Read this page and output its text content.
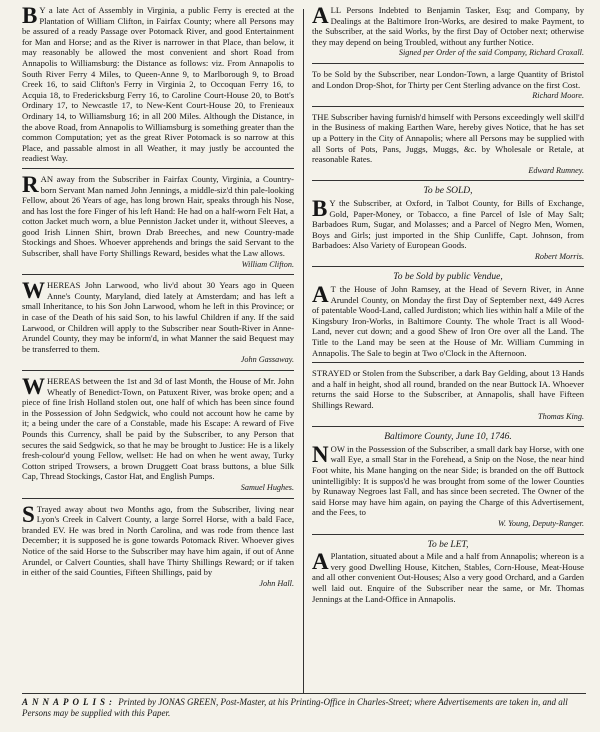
B Y a late Act of Assembly in Virginia, a public Ferry is erected at the Plantation of William Clifton, in Fairfax County; where all Persons may be assured of a ready Passage over Potomack River, and good Entertainment for Man and Horse; and as the River is narrower in that Place, than below, it may reasonably be allowed the most convenient and short Road from Annapolis to Williamsburg: the Distance as follows: viz. From Annapolis to South River Ferry 4 Miles, to Queen-Anne 9, to Marlborough 9, to Broad Creek 16, to said Clifton's Ferry in Virginia 2, to Occoquan Ferry 16, to Acquia 18, to Fredericksburg Ferry 16, to Caroline Court-House 20, to Bott's Ordinary 17, to Newcastle 17, to New-Kent Court-House 20, to Frenieaux Ordinary 14, to Williamsburg 16; in all 200 Miles. Although the Distance, in the above Road, from Annapolis to Williamsburg is something greater than the common Computation; yet as the great River Potomack is so narrow at this Place, and passable almost in all Weather, it may justly be accounted the readiest Way.

RAN away from the Subscriber in Fairfax County, Virginia, a Country-born Servant Man named John Jennings, a middle-siz'd thin pale-looking Fellow, about 26 Years of age, has long brown Hair, speaks through his Nose, and has lost the fore Finger of his left Hand: He had on a half-worn Felt Hat, a cotton Jacket much worn, a blue Penniston Jacket under it, without Sleeves, a good Irish Linnen Shirt, brown Drab Breeches, and new Country-made Stockings and Shoes. Whoever apprehends and brings the said Servant to the Subscriber, shall have Forty Shillings Reward, besides what the Law allows.

William Clifton.

WHEREAS John Larwood, who liv'd about 30 Years ago in Queen Anne's County, Maryland, died lately at Amsterdam; and has left a small Inheritance, to his Son John Larwood, whom he left in this Province; or in case of the Death of his said Son, to his lawful Children if any. If the said Larwood, or Children will apply to the Subscriber near South-River in Anne-Arundel County, they may be inform'd, in what Manner the said Bequest may be transferred to them.

John Gassaway.

WHEREAS between the 1st and 3d of last Month, the House of Mr. John Wheatly of Benedict-Town, on Patuxent River, was broke open; and a piece of fine Irish Holland stolen out, one half of which has been since found in the Possession of John Sedgwick, who could not account how he came by it; a being under the care of a Constable, made his Escape: A reward of Five Pounds this Currency, shall be paid by the Subscriber, to any Person that secures the said Sedgwick, so that he may be brought to Justice: He is a likely fresh-colour'd young Fellow, wellset: He had on when he went away, Turky Cotton striped Trowsers, a brown Druggett Coat brass buttons, a blue Silk Cap, Thread Stockings, Castor Hat, and English Pumps.

Samuel Hughes.

S Trayed away about two Months ago, from the Subscriber, living near Lyon's Creek in Calvert County, a large Sorrel Horse, with a bald Face, branded EV. He was bred in North Carolina, and was rode from thence last December; it is supposed he is gone towards Potomack River. Whoever gives Notice of the said Horse to the Subscriber may have him again, if out of Anne Arundel, or Calvert Counties, shall have Thirty Shillings Reward; or if taken in either of the said Counties, Fifteen Shillings, paid by

John Hall.

ALL Persons Indebted to Benjamin Tasker, Esq; and Company, by Dealings at the Baltimore Iron-Works, are desired to make Payment, to the Subscriber, at the said Works, by the first Day of October next; otherwise they may depend on being Troubled, without any further Notice.

Signed per Order of the said Company, Richard Croxall.

To be Sold by the Subscriber, near London-Town, a large Quantity of Bristol and London Drop-Shot, for Thirty per Cent Sterling advance on the first Cost.

Richard Moore.

THE Subscriber having furnish'd himself with Persons exceedingly well skill'd in the Business of making Earthen Ware, hereby gives Notice, that he has set up a Pottery in the City of Annapolis; where all Persons may be supplied with all Sorts of Pots, Pans, Juggs, Muggs, &c. by Wholesale or Retale, at reasonable Rates.

Edward Rumney.
To be SOLD,

B Y the Subscriber, at Oxford, in Talbot County, for Bills of Exchange, Gold, Paper-Money, or Tobacco, a fine Parcel of Isle of May Salt; Barbadoes Rum, Sugar, and Molasses; and a Parcel of Negro Men, Women, Boys and Girls; just imported in the Ship Cunliffe, Capt. Johnson, from Barbadoes: Also Variety of European Goods.

Robert Morris.
To be Sold by public Vendue,

A T the House of John Ramsey, at the Head of Severn River, in Anne Arundel County, on Monday the first Day of September next, 449 Acres of patentable Wood-Land, called Jurdiston; which lies within half a Mile of the Kingsbury Iron-Works, in Baltimore County. The whole Tract is all Wood-Land, never cut down; and a good Shew of Iron Ore over all the Land. The Title to the Land may be seen at the House of Mr. William Cumming in Annapolis. The Sale to begin at Two o'Clock in the Afternoon.

STRAYED or Stolen from the Subscriber, a dark Bay Gelding, about 13 Hands and a half in height, shod all round, branded on the near Buttock IA. Whoever returns the said Horse to the Subscriber, at Annapolis, shall have Fifteen Shillings Reward.

Thomas King.
Baltimore County, June 10, 1746.

NOW in the Possession of the Subscriber, a small dark bay Horse, with one wall Eye, a small Star in the Forehead, a Snip on the Nose, the near hind Foot white, his Mane hanging on the near Side; is branded on the off Buttock unintelligibly: It is suppos'd he was brought from some of the lower Counties by Runaway Negroes last Fall, and has since been secreted. The Owner of the said Horse may have him again, on paying the Charge of this Advertisement, and the Fees, to

W. Young, Deputy-Ranger.
To be LET,

A Plantation, situated about a Mile and a half from Annapolis; whereon is a very good Dwelling House, Kitchen, Stables, Corn-House, Meat-House and all other convenient Out-Houses; Also a very good Orchard, and a Garden well laid out. Enquire of the Subscriber near the same, or Mr. Thomas Jennings at the Land-Office in Annapolis.

ANNAPOLIS: Printed by JONAS GREEN, Post-Master, at his Printing-Office in Charles-Street; where Advertisements are taken in, and all Persons may be supplied with this Paper.
